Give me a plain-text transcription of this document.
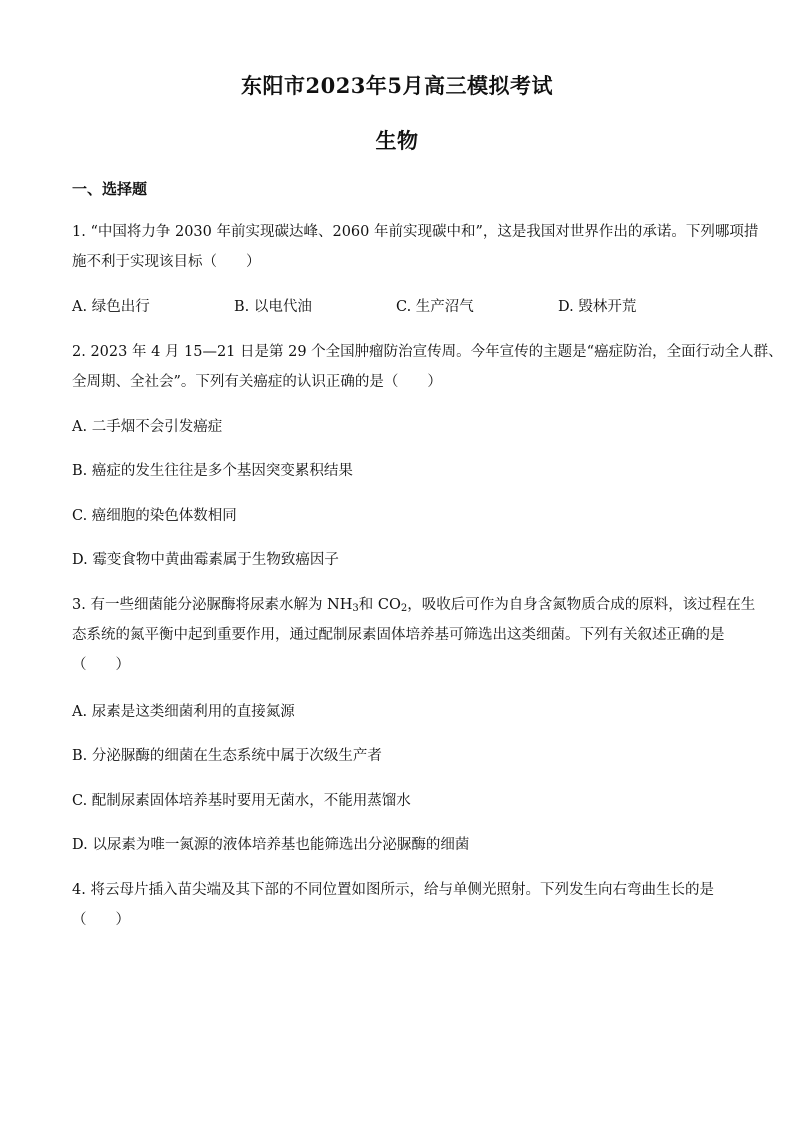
东阳市2023年5月高三模拟考试
生物
一、选择题
1. “中国将力争 2030 年前实现碳达峰、2060 年前实现碳中和”，这是我国对世界作出的承诺。下列哪项措
施不利于实现该目标（　　）
A. 绿色出行	B. 以电代油	C. 生产沼气	D. 毁林开荒
2. 2023 年 4 月 15—21 日是第 29 个全国肿瘤防治宣传周。今年宣传的主题是“癌症防治，全面行动全人群、
全周期、全社会”。下列有关癌症的认识正确的是（　　）
A. 二手烟不会引发癌症
B. 癌症的发生往往是多个基因突变累积结果
C. 癌细胞的染色体数相同
D. 霉变食物中黄曲霉素属于生物致癌因子
3. 有一些细菌能分泌脲酶将尿素水解为 $NH_3$和 $CO_2$，吸收后可作为自身含氮物质合成的原料，该过程在生
态系统的氮平衡中起到重要作用，通过配制尿素固体培养基可筛选出这类细菌。下列有关叙述正确的是
（　　）
A. 尿素是这类细菌利用的直接氮源
B. 分泌脲酶的细菌在生态系统中属于次级生产者
C. 配制尿素固体培养基时要用无菌水，不能用蒸馏水
D. 以尿素为唯一氮源的液体培养基也能筛选出分泌脲酶的细菌
4. 将云母片插入苗尖端及其下部的不同位置如图所示，给与单侧光照射。下列发生向右弯曲生长的是
（　　）
